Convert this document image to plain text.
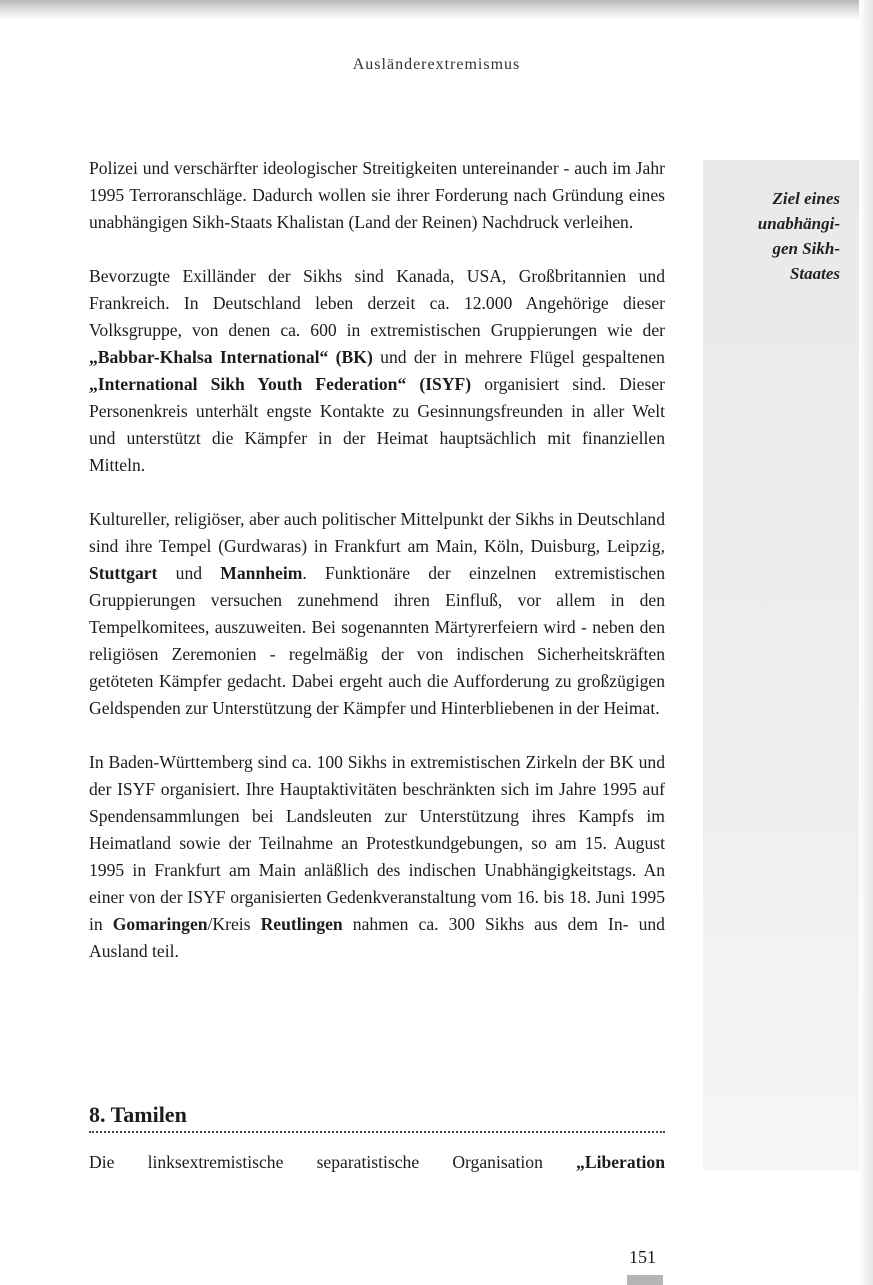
Ausländerextremismus
Ziel eines
unabhängi-
gen Sikh-
Staates

Polizei und verschärfter ideologischer Streitigkeiten untereinander - auch im Jahr 1995 Terroranschläge. Dadurch wollen sie ihrer Forderung nach Gründung eines unabhängigen Sikh-Staats Khalistan (Land der Reinen) Nachdruck verleihen.

Bevorzugte Exilländer der Sikhs sind Kanada, USA, Großbritannien und Frankreich. In Deutschland leben derzeit ca. 12.000 Angehörige dieser Volksgruppe, von denen ca. 600 in extremistischen Gruppierungen wie der „Babbar-Khalsa International“ (BK) und der in mehrere Flügel gespaltenen „International Sikh Youth Federation“ (ISYF) organisiert sind. Dieser Personenkreis unterhält engste Kontakte zu Gesinnungsfreunden in aller Welt und unterstützt die Kämpfer in der Heimat hauptsächlich mit finanziellen Mitteln.

Kultureller, religiöser, aber auch politischer Mittelpunkt der Sikhs in Deutschland sind ihre Tempel (Gurdwaras) in Frankfurt am Main, Köln, Duisburg, Leipzig, Stuttgart und Mannheim. Funktionäre der einzelnen extremistischen Gruppierungen versuchen zunehmend ihren Einfluß, vor allem in den Tempelkomitees, auszuweiten. Bei sogenannten Märtyrerfeiern wird - neben den religiösen Zeremonien - regelmäßig der von indischen Sicherheitskräften getöteten Kämpfer gedacht. Dabei ergeht auch die Aufforderung zu großzügigen Geldspenden zur Unterstützung der Kämpfer und Hinterbliebenen in der Heimat.

In Baden-Württemberg sind ca. 100 Sikhs in extremistischen Zirkeln der BK und der ISYF organisiert. Ihre Hauptaktivitäten beschränkten sich im Jahre 1995 auf Spendensammlungen bei Landsleuten zur Unterstützung ihres Kampfs im Heimatland sowie der Teilnahme an Protestkundgebungen, so am 15. August 1995 in Frankfurt am Main anläßlich des indischen Unabhängigkeitstags. An einer von der ISYF organisierten Gedenkveranstaltung vom 16. bis 18. Juni 1995 in Gomaringen/Kreis Reutlingen nahmen ca. 300 Sikhs aus dem In- und Ausland teil.

8. Tamilen
Die linksextremistische separatistische Organisation „Liberation
151
